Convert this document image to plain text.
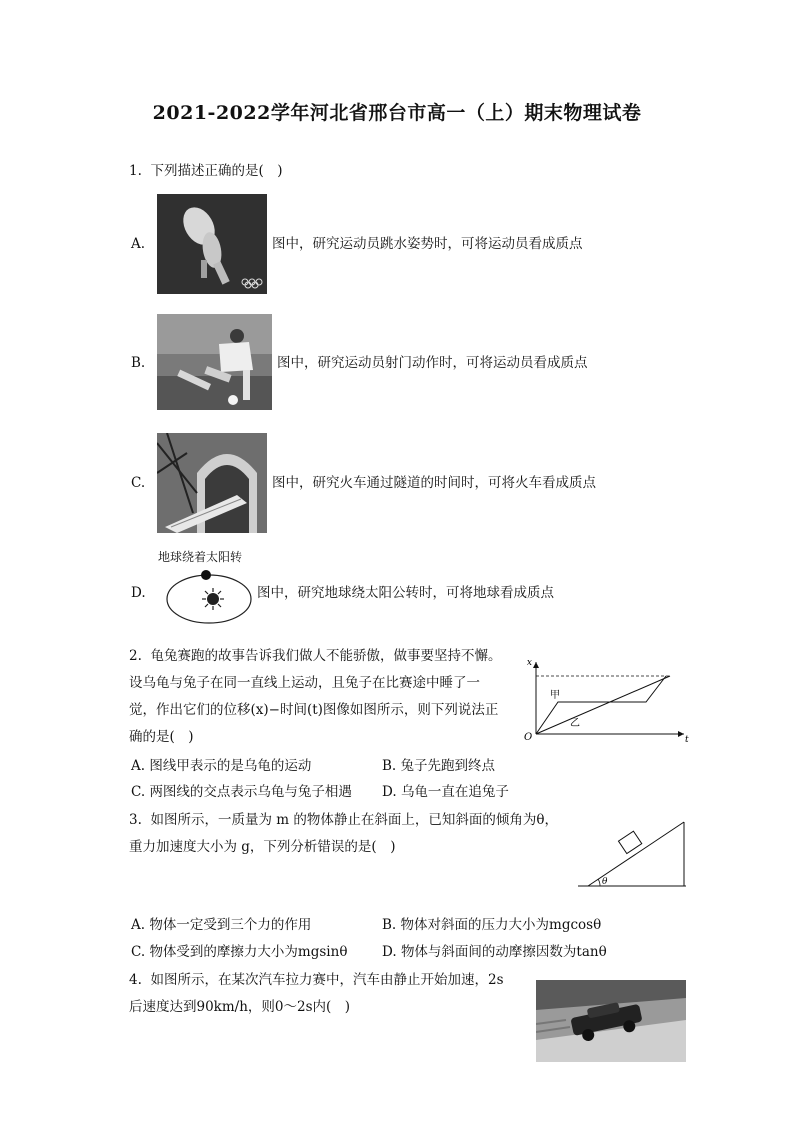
2021-2022学年河北省邢台市高一（上）期末物理试卷
1. 下列描述正确的是(　)
A.	图中，研究运动员跳水姿势时，可将运动员看成质点
B.	图中，研究运动员射门动作时，可将运动员看成质点
C.	图中，研究火车通过隧道的时间时，可将火车看成质点
地球绕着太阳转
D.	图中，研究地球绕太阳公转时，可将地球看成质点
2. 龟兔赛跑的故事告诉我们做人不能骄傲，做事要坚持不懈。
设乌龟与兔子在同一直线上运动，且兔子在比赛途中睡了一
觉，作出它们的位移(x)−时间(t)图像如图所示，则下列说法正
确的是(　)
x
t
O
甲
乙
A. 图线甲表示的是乌龟的运动	B. 兔子先跑到终点
C. 两图线的交点表示乌龟与兔子相遇 D. 乌龟一直在追兔子
3. 如图所示，一质量为 m 的物体静止在斜面上，已知斜面的倾角为θ，
重力加速度大小为 g，下列分析错误的是(　)
θ
A. 物体一定受到三个力的作用	B. 物体对斜面的压力大小为mgcosθ
C. 物体受到的摩擦力大小为mgsinθ	D. 物体与斜面间的动摩擦因数为tanθ
4. 如图所示，在某次汽车拉力赛中，汽车由静止开始加速，2s
后速度达到90km/h，则0～2s内(　)
